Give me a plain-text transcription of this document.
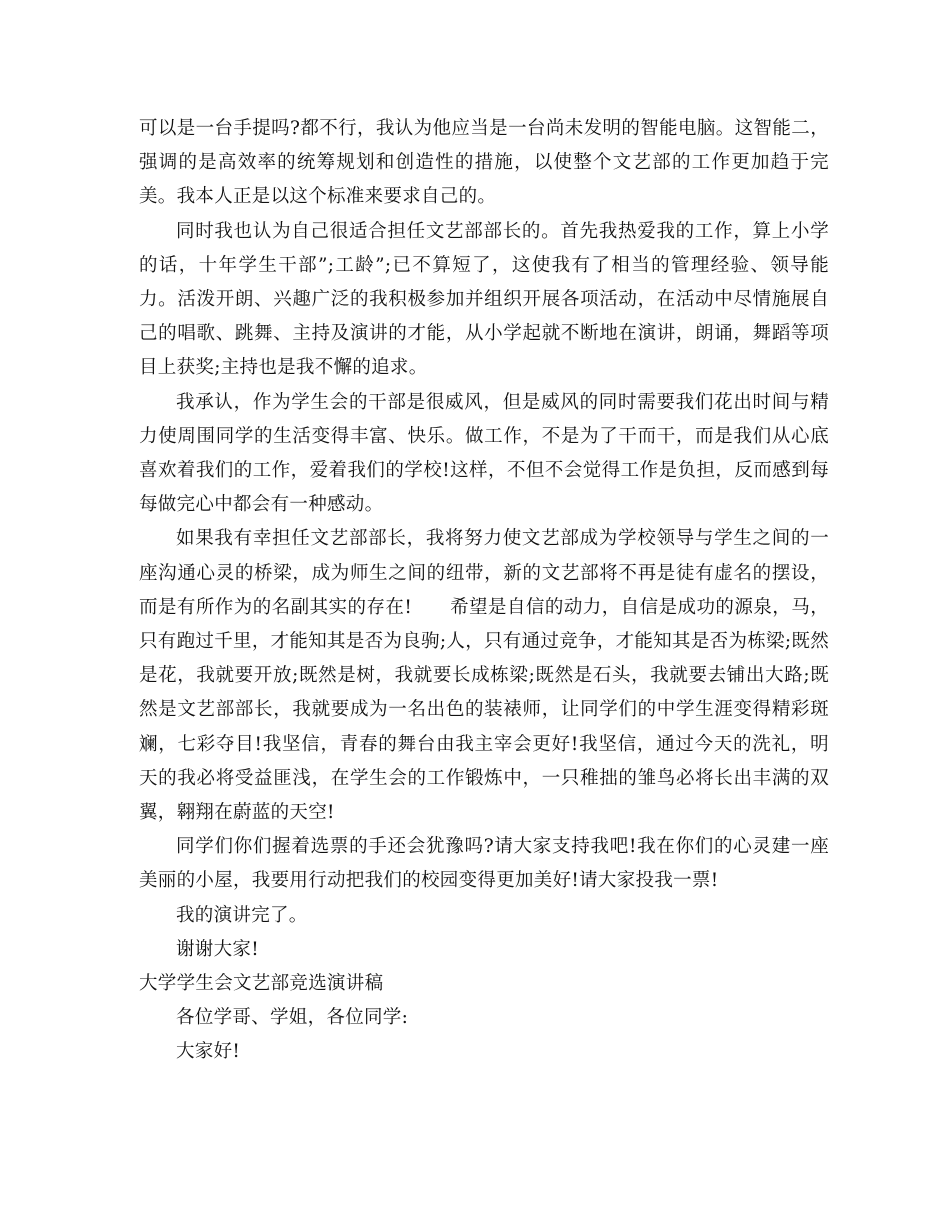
可以是一台手提吗?都不行，我认为他应当是一台尚未发明的智能电脑。这智能二，强调的是高效率的统筹规划和创造性的措施，以使整个文艺部的工作更加趋于完美。我本人正是以这个标准来要求自己的。

同时我也认为自己很适合担任文艺部部长的。首先我热爱我的工作，算上小学的话，十年学生干部”;工龄”;已不算短了，这使我有了相当的管理经验、领导能力。活泼开朗、兴趣广泛的我积极参加并组织开展各项活动，在活动中尽情施展自己的唱歌、跳舞、主持及演讲的才能，从小学起就不断地在演讲，朗诵，舞蹈等项目上获奖;主持也是我不懈的追求。

我承认，作为学生会的干部是很威风，但是威风的同时需要我们花出时间与精力使周围同学的生活变得丰富、快乐。做工作，不是为了干而干，而是我们从心底喜欢着我们的工作，爱着我们的学校!这样，不但不会觉得工作是负担，反而感到每每做完心中都会有一种感动。

如果我有幸担任文艺部部长，我将努力使文艺部成为学校领导与学生之间的一座沟通心灵的桥梁，成为师生之间的纽带，新的文艺部将不再是徒有虚名的摆设，而是有所作为的名副其实的存在!　　希望是自信的动力，自信是成功的源泉，马，只有跑过千里，才能知其是否为良驹;人，只有通过竞争，才能知其是否为栋梁;既然是花，我就要开放;既然是树，我就要长成栋梁;既然是石头，我就要去铺出大路;既然是文艺部部长，我就要成为一名出色的装裱师，让同学们的中学生涯变得精彩斑斓，七彩夺目!我坚信，青春的舞台由我主宰会更好!我坚信，通过今天的洗礼，明天的我必将受益匪浅，在学生会的工作锻炼中，一只稚拙的雏鸟必将长出丰满的双翼，翱翔在蔚蓝的天空!

同学们你们握着选票的手还会犹豫吗?请大家支持我吧!我在你们的心灵建一座美丽的小屋，我要用行动把我们的校园变得更加美好!请大家投我一票!

我的演讲完了。

谢谢大家!

大学学生会文艺部竞选演讲稿

各位学哥、学姐，各位同学:

大家好!
